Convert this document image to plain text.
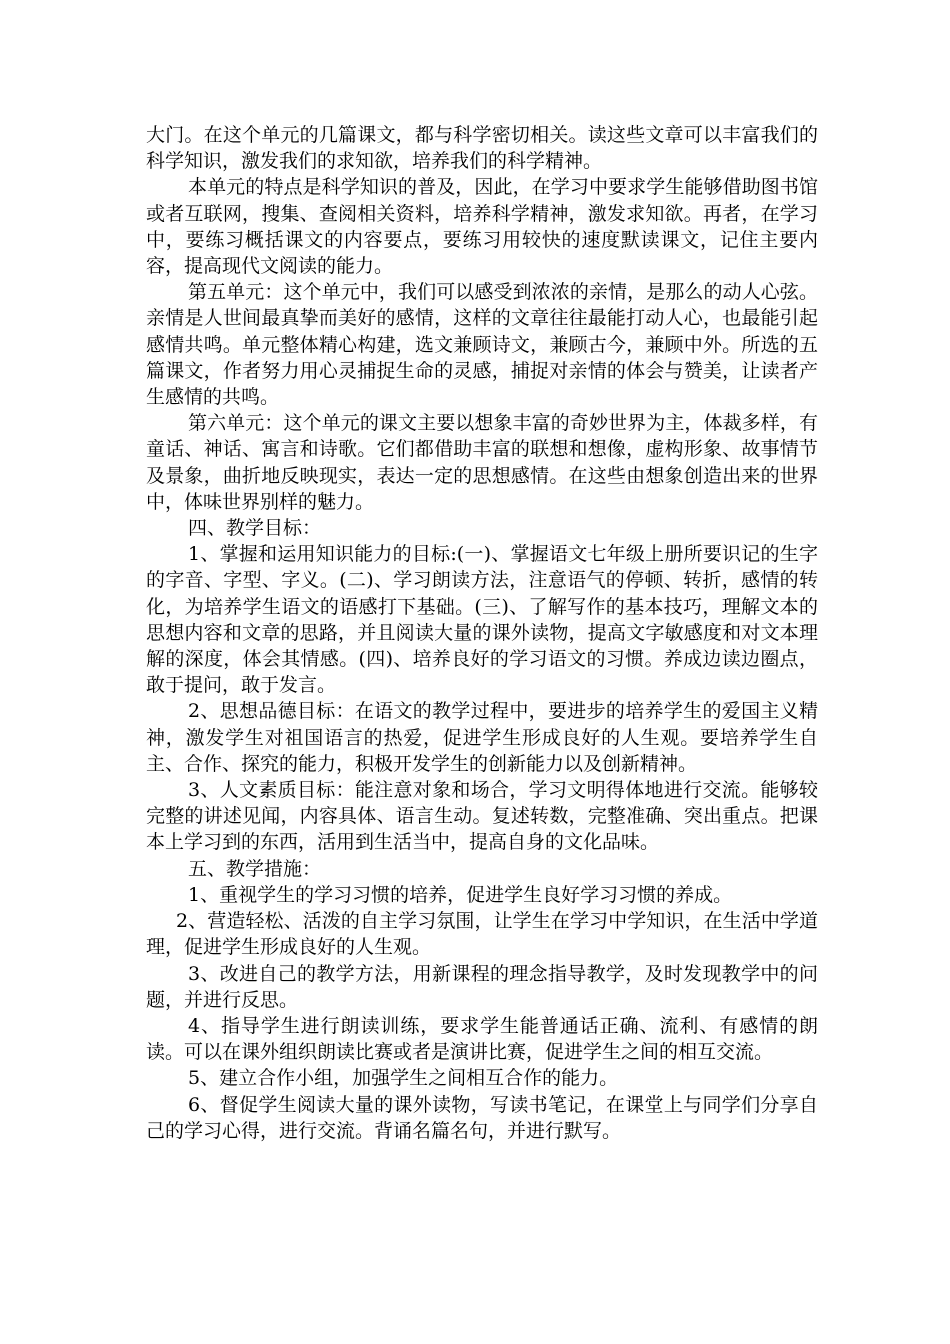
大门。在这个单元的几篇课文，都与科学密切相关。读这些文章可以丰富我们的科学知识，激发我们的求知欲，培养我们的科学精神。

本单元的特点是科学知识的普及，因此，在学习中要求学生能够借助图书馆或者互联网，搜集、查阅相关资料，培养科学精神，激发求知欲。再者，在学习中，要练习概括课文的内容要点，要练习用较快的速度默读课文，记住主要内容，提高现代文阅读的能力。

第五单元：这个单元中，我们可以感受到浓浓的亲情，是那么的动人心弦。亲情是人世间最真挚而美好的感情，这样的文章往往最能打动人心，也最能引起感情共鸣。单元整体精心构建，选文兼顾诗文，兼顾古今，兼顾中外。所选的五篇课文，作者努力用心灵捕捉生命的灵感，捕捉对亲情的体会与赞美，让读者产生感情的共鸣。

第六单元：这个单元的课文主要以想象丰富的奇妙世界为主，体裁多样，有童话、神话、寓言和诗歌。它们都借助丰富的联想和想像，虚构形象、故事情节及景象，曲折地反映现实，表达一定的思想感情。在这些由想象创造出来的世界中，体味世界别样的魅力。

四、教学目标：

1、掌握和运用知识能力的目标:(一)、掌握语文七年级上册所要识记的生字的字音、字型、字义。(二)、学习朗读方法，注意语气的停顿、转折，感情的转化，为培养学生语文的语感打下基础。(三)、了解写作的基本技巧，理解文本的思想内容和文章的思路，并且阅读大量的课外读物，提高文字敏感度和对文本理解的深度，体会其情感。(四)、培养良好的学习语文的习惯。养成边读边圈点，敢于提问，敢于发言。

2、思想品德目标：在语文的教学过程中，要进步的培养学生的爱国主义精神，激发学生对祖国语言的热爱，促进学生形成良好的人生观。要培养学生自主、合作、探究的能力，积极开发学生的创新能力以及创新精神。

3、人文素质目标：能注意对象和场合，学习文明得体地进行交流。能够较完整的讲述见闻，内容具体、语言生动。复述转数，完整准确、突出重点。把课本上学习到的东西，活用到生活当中，提高自身的文化品味。

五、教学措施：

1、重视学生的学习习惯的培养，促进学生良好学习习惯的养成。

2、营造轻松、活泼的自主学习氛围，让学生在学习中学知识，在生活中学道理，促进学生形成良好的人生观。

3、改进自己的教学方法，用新课程的理念指导教学，及时发现教学中的问题，并进行反思。

4、指导学生进行朗读训练，要求学生能普通话正确、流利、有感情的朗读。可以在课外组织朗读比赛或者是演讲比赛，促进学生之间的相互交流。

5、建立合作小组，加强学生之间相互合作的能力。

6、督促学生阅读大量的课外读物，写读书笔记，在课堂上与同学们分享自己的学习心得，进行交流。背诵名篇名句，并进行默写。
